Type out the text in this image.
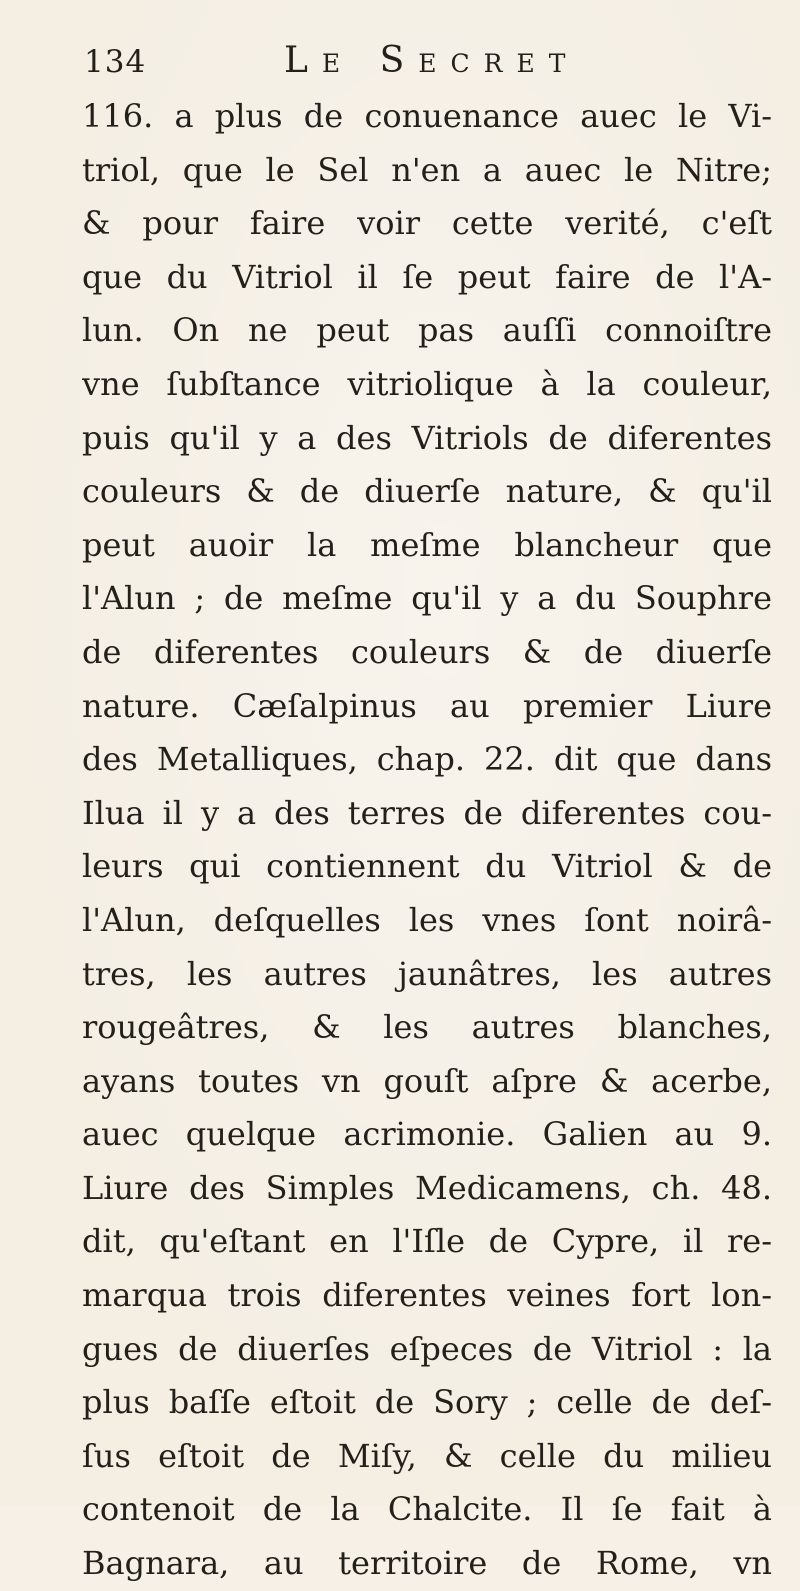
134	Le Secret
116. a plus de conuenance auec le Vi-
triol, que le Sel n'en a auec le Nitre;
& pour faire voir cette verité, c'eſt
que du Vitriol il ſe peut faire de l'A-
lun. On ne peut pas auſſi connoiſtre
vne ſubſtance vitriolique à la couleur,
puis qu'il y a des Vitriols de diferentes
couleurs & de diuerſe nature, & qu'il
peut auoir la meſme blancheur que
l'Alun ; de meſme qu'il y a du Souphre
de diferentes couleurs & de diuerſe
nature. Cæſalpinus au premier Liure
des Metalliques, chap. 22. dit que dans
Ilua il y a des terres de diferentes cou-
leurs qui contiennent du Vitriol & de
l'Alun, deſquelles les vnes ſont noirâ-
tres, les autres jaunâtres, les autres
rougeâtres, & les autres blanches,
ayans toutes vn gouſt aſpre & acerbe,
auec quelque acrimonie. Galien au 9.
Liure des Simples Medicamens, ch. 48.
dit, qu'eſtant en l'Iſle de Cypre, il re-
marqua trois diferentes veines fort lon-
gues de diuerſes eſpeces de Vitriol : la
plus baſſe eſtoit de Sory ; celle de deſ-
ſus eſtoit de Miſy, & celle du milieu
contenoit de la Chalcite. Il ſe fait à
Bagnara, au territoire de Rome, vn
